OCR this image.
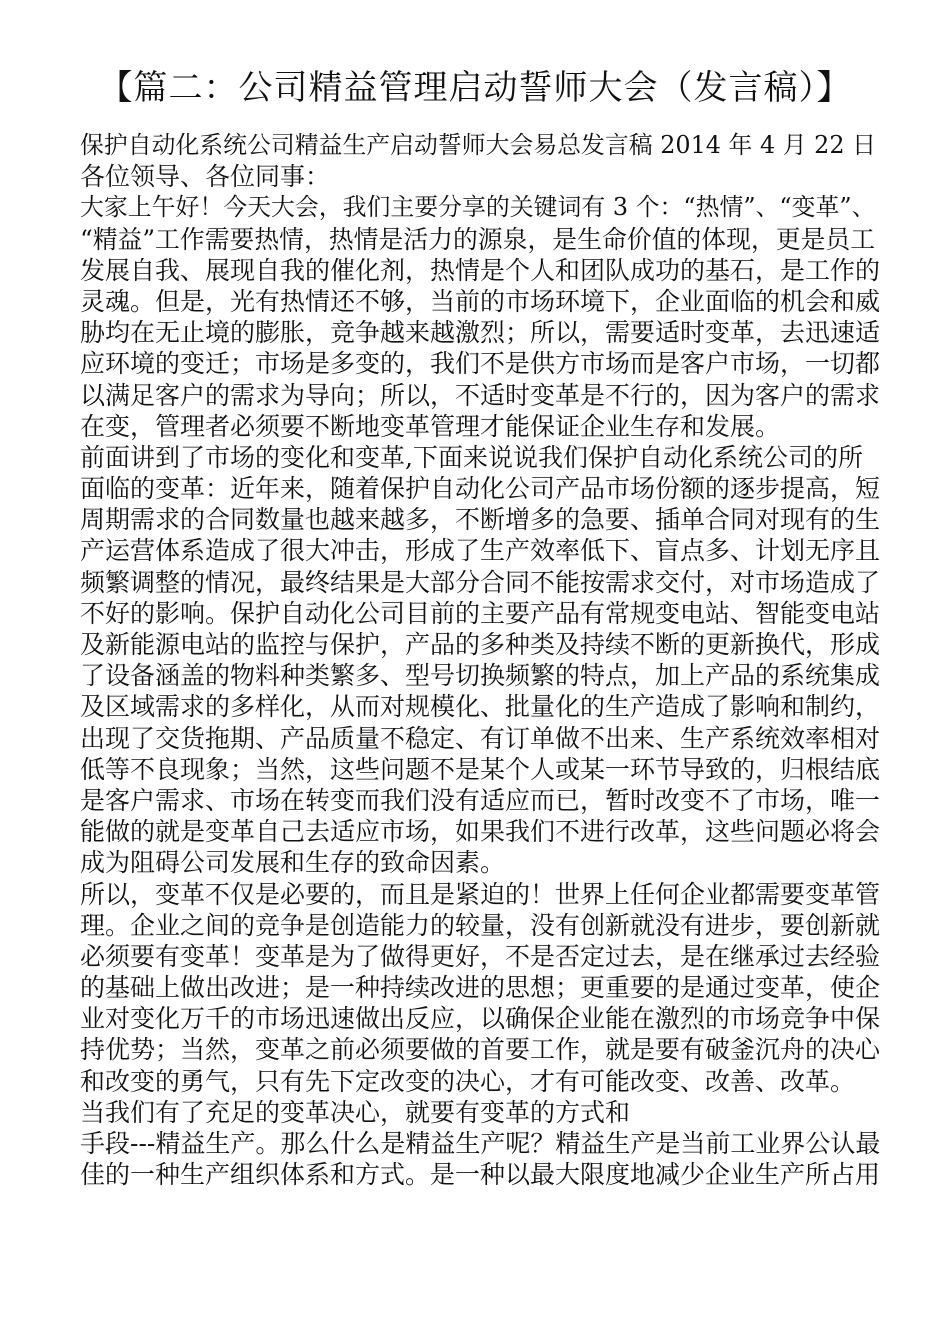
【篇二：公司精益管理启动誓师大会（发言稿）】
保护自动化系统公司精益生产启动誓师大会易总发言稿 2014 年 4 月 22 日
各位领导、各位同事：
大家上午好！今天大会，我们主要分享的关键词有 3 个：“热情”、“变革”、
“精益”工作需要热情，热情是活力的源泉，是生命价值的体现，更是员工
发展自我、展现自我的催化剂，热情是个人和团队成功的基石，是工作的
灵魂。但是，光有热情还不够，当前的市场环境下，企业面临的机会和威
胁均在无止境的膨胀，竞争越来越激烈；所以，需要适时变革，去迅速适
应环境的变迁；市场是多变的，我们不是供方市场而是客户市场，一切都
以满足客户的需求为导向；所以，不适时变革是不行的，因为客户的需求
在变，管理者必须要不断地变革管理才能保证企业生存和发展。
前面讲到了市场的变化和变革,下面来说说我们保护自动化系统公司的所
面临的变革：近年来，随着保护自动化公司产品市场份额的逐步提高，短
周期需求的合同数量也越来越多，不断增多的急要、插单合同对现有的生
产运营体系造成了很大冲击，形成了生产效率低下、盲点多、计划无序且
频繁调整的情况，最终结果是大部分合同不能按需求交付，对市场造成了
不好的影响。保护自动化公司目前的主要产品有常规变电站、智能变电站
及新能源电站的监控与保护，产品的多种类及持续不断的更新换代，形成
了设备涵盖的物料种类繁多、型号切换频繁的特点，加上产品的系统集成
及区域需求的多样化，从而对规模化、批量化的生产造成了影响和制约，
出现了交货拖期、产品质量不稳定、有订单做不出来、生产系统效率相对
低等不良现象；当然，这些问题不是某个人或某一环节导致的，归根结底
是客户需求、市场在转变而我们没有适应而已，暂时改变不了市场，唯一
能做的就是变革自己去适应市场，如果我们不进行改革，这些问题必将会
成为阻碍公司发展和生存的致命因素。
所以，变革不仅是必要的，而且是紧迫的！世界上任何企业都需要变革管
理。企业之间的竞争是创造能力的较量，没有创新就没有进步，要创新就
必须要有变革！变革是为了做得更好，不是否定过去，是在继承过去经验
的基础上做出改进；是一种持续改进的思想；更重要的是通过变革，使企
业对变化万千的市场迅速做出反应，以确保企业能在激烈的市场竞争中保
持优势；当然，变革之前必须要做的首要工作，就是要有破釜沉舟的决心
和改变的勇气，只有先下定改变的决心，才有可能改变、改善、改革。
当我们有了充足的变革决心，就要有变革的方式和
手段---精益生产。那么什么是精益生产呢？精益生产是当前工业界公认最
佳的一种生产组织体系和方式。是一种以最大限度地减少企业生产所占用
